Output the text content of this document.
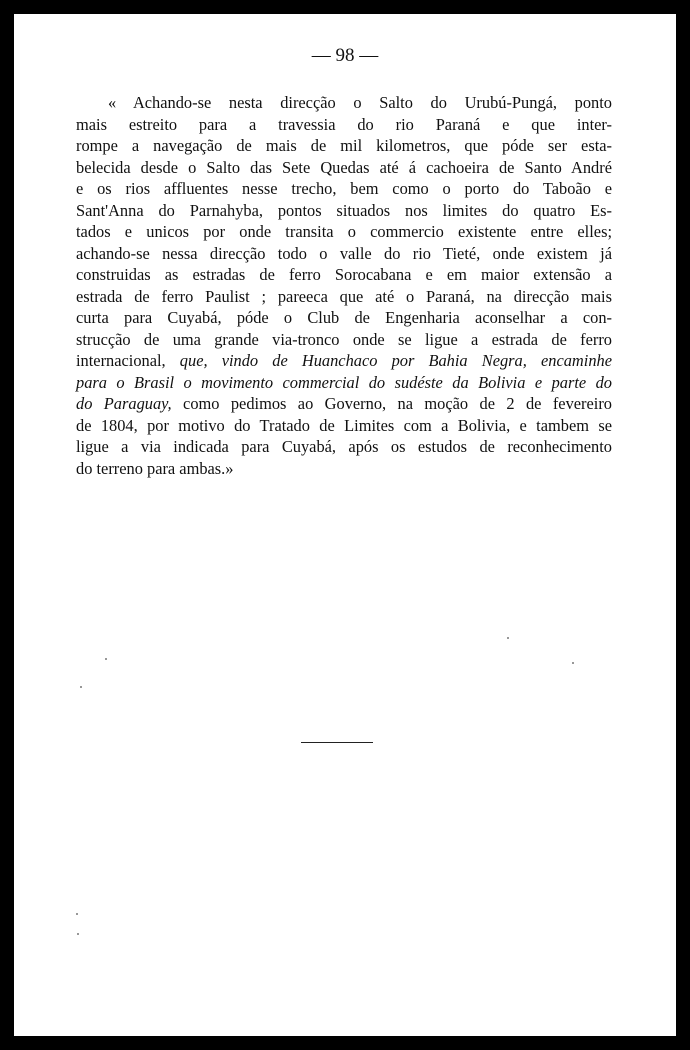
— 98 —
« Achando-se nesta direcção o Salto do Urubú-Pungá, ponto
mais estreito para a travessia do rio Paraná e que inter-
rompe a navegação de mais de mil kilometros, que póde ser esta-
belecida desde o Salto das Sete Quedas até á cachoeira de Santo André
e os rios affluentes nesse trecho, bem como o porto do Taboão e
Sant'Anna do Parnahyba, pontos situados nos limites do quatro Es-
tados e unicos por onde transita o commercio existente entre elles;
achando-se nessa direcção todo o valle do rio Tieté, onde existem já
construidas as estradas de ferro Sorocabana e em maior extensão a
estrada de ferro Paulist ; pareeca que até o Paraná, na direcção mais
curta para Cuyabá, póde o Club de Engenharia aconselhar a con-
strucção de uma grande via-tronco onde se ligue a estrada de ferro
internacional, que, vindo de Huanchaco por Bahia Negra, encaminhe
para o Brasil o movimento commercial do sudéste da Bolivia e parte do
do Paraguay, como pedimos ao Governo, na moção de 2 de fevereiro
de 1804, por motivo do Tratado de Limites com a Bolivia, e tambem se
ligue a via indicada para Cuyabá, após os estudos de reconhecimento
do terreno para ambas.»
